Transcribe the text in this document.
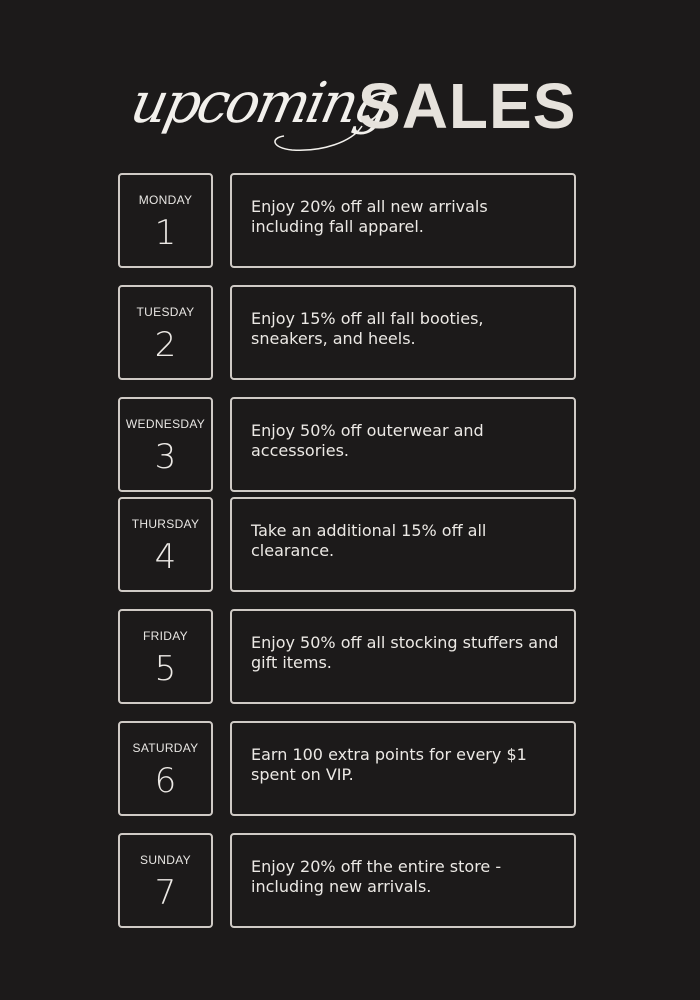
upcoming
SALES
MONDAY
1
Enjoy 20% off all new arrivals including fall apparel.
TUESDAY
2
Enjoy 15% off all fall booties, sneakers, and heels.
WEDNESDAY
3
Enjoy 50% off outerwear and accessories.
THURSDAY
4
Take an additional 15% off all clearance.
FRIDAY
5
Enjoy 50% off all stocking stuffers and gift items.
SATURDAY
6
Earn 100 extra points for every $1 spent on VIP.
SUNDAY
7
Enjoy 20% off the entire store - including new arrivals.
